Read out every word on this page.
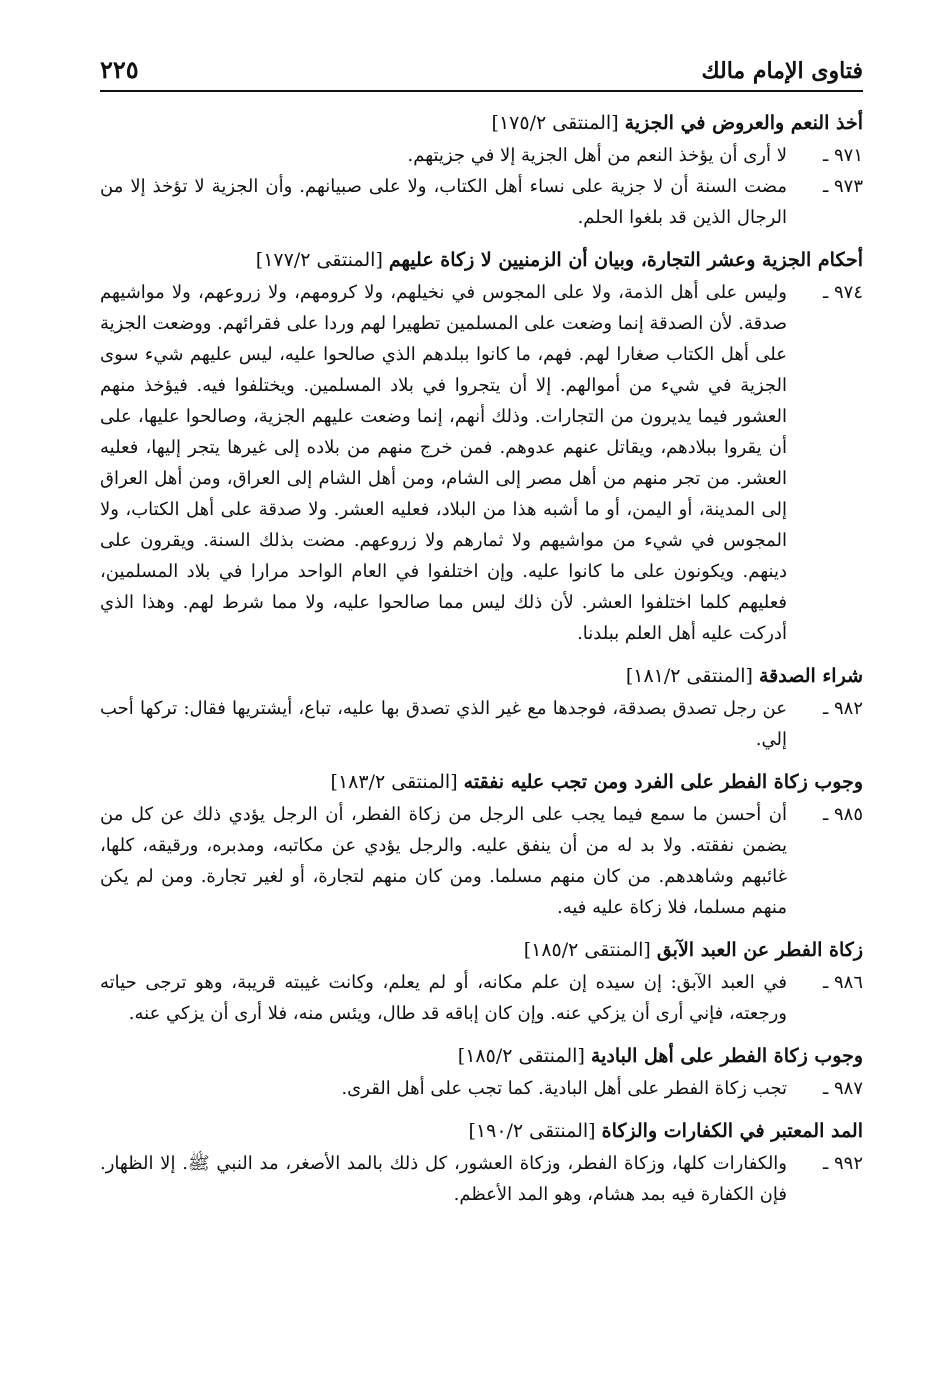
فتاوى الإمام مالك
٢٢٥

أخذ النعم والعروض في الجزية [المنتقى ١٧٥/٢]

٩٧١ ـ
لا أرى أن يؤخذ النعم من أهل الجزية إلا في جزيتهم.
٩٧٣ ـ
مضت السنة أن لا جزية على نساء أهل الكتاب، ولا على صبيانهم. وأن الجزية لا تؤخذ إلا من الرجال الذين قد بلغوا الحلم.

أحكام الجزية وعشر التجارة، وبيان أن الزمنيين لا زكاة عليهم [المنتقى ١٧٧/٢]

٩٧٤ ـ
وليس على أهل الذمة، ولا على المجوس في نخيلهم، ولا كرومهم، ولا زروعهم، ولا مواشيهم صدقة. لأن الصدقة إنما وضعت على المسلمين تطهيرا لهم وردا على فقرائهم. ووضعت الجزية على أهل الكتاب صغارا لهم. فهم، ما كانوا ببلدهم الذي صالحوا عليه، ليس عليهم شيء سوى الجزية في شيء من أموالهم. إلا أن يتجروا في بلاد المسلمين. ويختلفوا فيه. فيؤخذ منهم العشور فيما يديرون من التجارات. وذلك أنهم، إنما وضعت عليهم الجزية، وصالحوا عليها، على أن يقروا ببلادهم، ويقاتل عنهم عدوهم. فمن خرج منهم من بلاده إلى غيرها يتجر إليها، فعليه العشر. من تجر منهم من أهل مصر إلى الشام، ومن أهل الشام إلى العراق، ومن أهل العراق إلى المدينة، أو اليمن، أو ما أشبه هذا من البلاد، فعليه العشر. ولا صدقة على أهل الكتاب، ولا المجوس في شيء من مواشيهم ولا ثمارهم ولا زروعهم. مضت بذلك السنة. ويقرون على دينهم. ويكونون على ما كانوا عليه. وإن اختلفوا في العام الواحد مرارا في بلاد المسلمين، فعليهم كلما اختلفوا العشر. لأن ذلك ليس مما صالحوا عليه، ولا مما شرط لهم. وهذا الذي أدركت عليه أهل العلم ببلدنا.

شراء الصدقة [المنتقى ١٨١/٢]

٩٨٢ ـ
عن رجل تصدق بصدقة، فوجدها مع غير الذي تصدق بها عليه، تباع، أيشتريها فقال: تركها أحب إلي.

وجوب زكاة الفطر على الفرد ومن تجب عليه نفقته [المنتقى ١٨٣/٢]

٩٨٥ ـ
أن أحسن ما سمع فيما يجب على الرجل من زكاة الفطر، أن الرجل يؤدي ذلك عن كل من يضمن نفقته. ولا بد له من أن ينفق عليه. والرجل يؤدي عن مكاتبه، ومدبره، ورقيقه، كلها، غائبهم وشاهدهم. من كان منهم مسلما. ومن كان منهم لتجارة، أو لغير تجارة. ومن لم يكن منهم مسلما، فلا زكاة عليه فيه.

زكاة الفطر عن العبد الآبق [المنتقى ١٨٥/٢]

٩٨٦ ـ
في العبد الآبق: إن سيده إن علم مكانه، أو لم يعلم، وكانت غيبته قريبة، وهو ترجى حياته ورجعته، فإني أرى أن يزكي عنه. وإن كان إباقه قد طال، ويئس منه، فلا أرى أن يزكي عنه.

وجوب زكاة الفطر على أهل البادية [المنتقى ١٨٥/٢]

٩٨٧ ـ
تجب زكاة الفطر على أهل البادية. كما تجب على أهل القرى.

المد المعتبر في الكفارات والزكاة [المنتقى ١٩٠/٢]

٩٩٢ ـ
والكفارات كلها، وزكاة الفطر، وزكاة العشور، كل ذلك بالمد الأصغر، مد النبي ﷺ. إلا الظهار. فإن الكفارة فيه بمد هشام، وهو المد الأعظم.
